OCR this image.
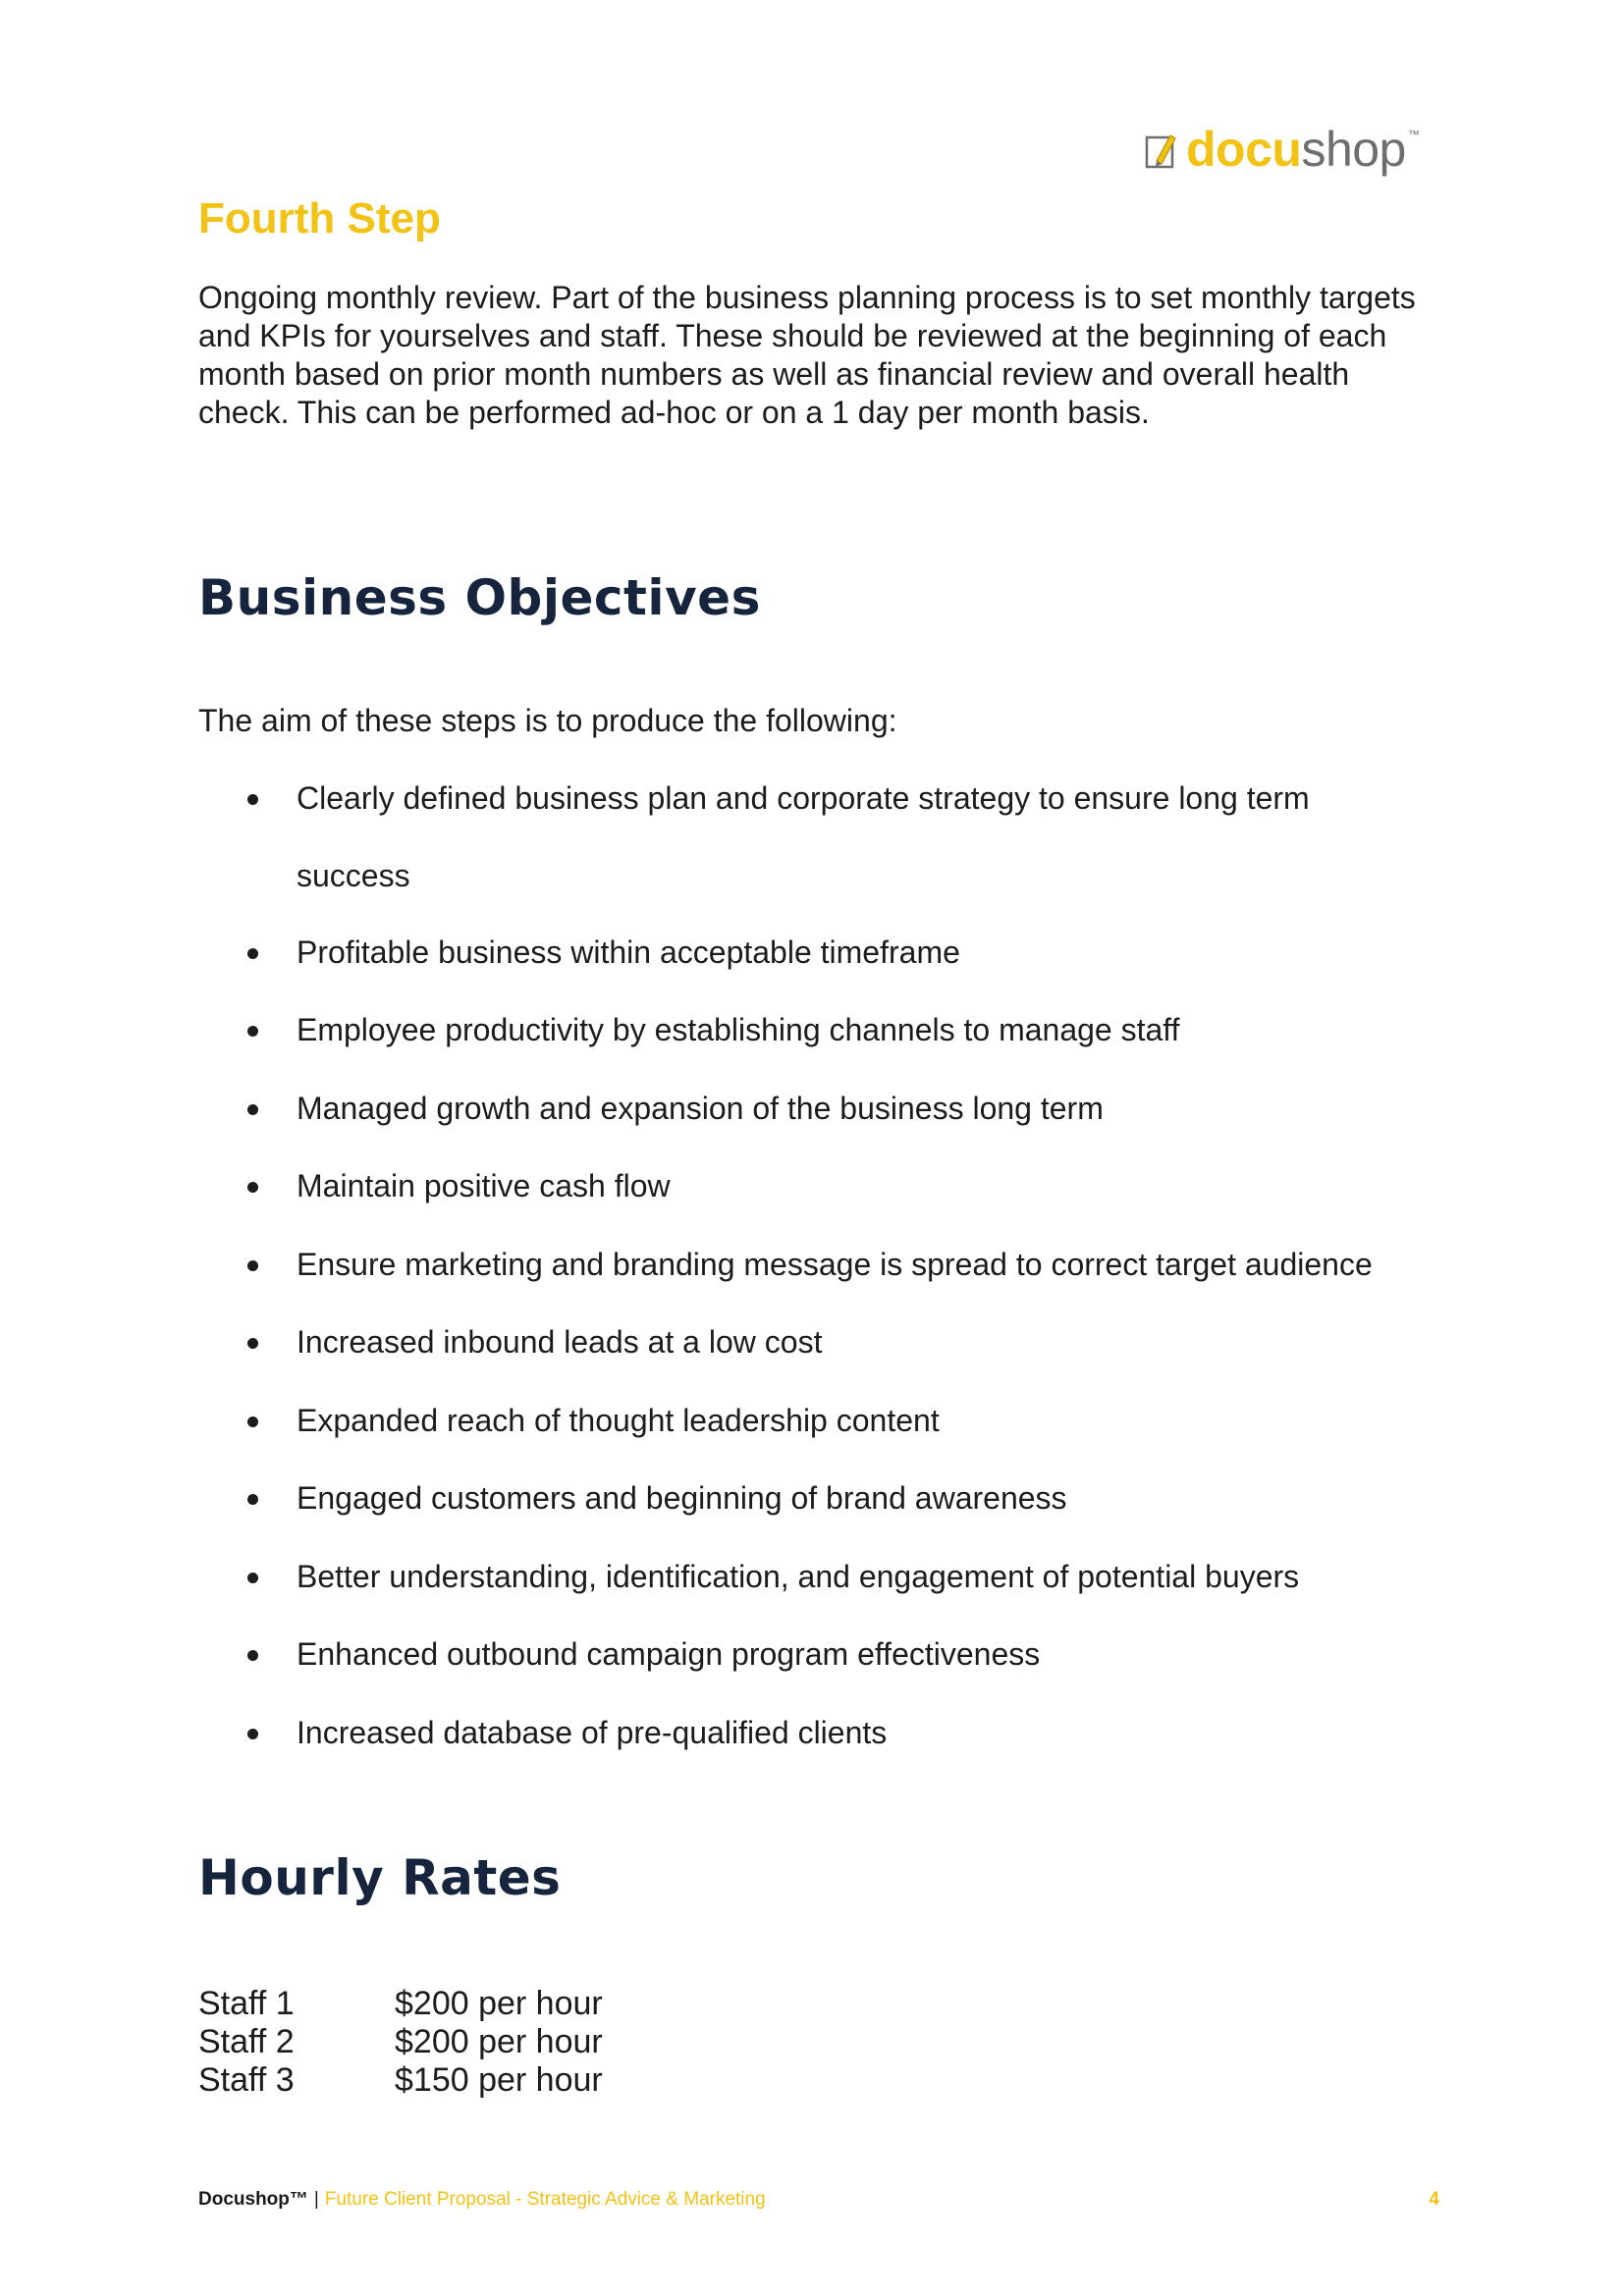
docushop ™
Fourth Step

Ongoing monthly review. Part of the business planning process is to set monthly targets and KPIs for yourselves and staff. These should be reviewed at the beginning of each month based on prior month numbers as well as financial review and overall health check. This can be performed ad-hoc or on a 1 day per month basis.

Business Objectives

The aim of these steps is to produce the following:

Clearly defined business plan and corporate strategy to ensure long term
success
Profitable business within acceptable timeframe
Employee productivity by establishing channels to manage staff
Managed growth and expansion of the business long term
Maintain positive cash flow
Ensure marketing and branding message is spread to correct target audience
Increased inbound leads at a low cost
Expanded reach of thought leadership content
Engaged customers and beginning of brand awareness
Better understanding, identification, and engagement of potential buyers
Enhanced outbound campaign program effectiveness
Increased database of pre-qualified clients
Hourly Rates
Staff 1	$200 per hour
Staff 2	$200 per hour
Staff 3	$150 per hour
Docushop™ | Future Client Proposal - Strategic Advice & Marketing	4
